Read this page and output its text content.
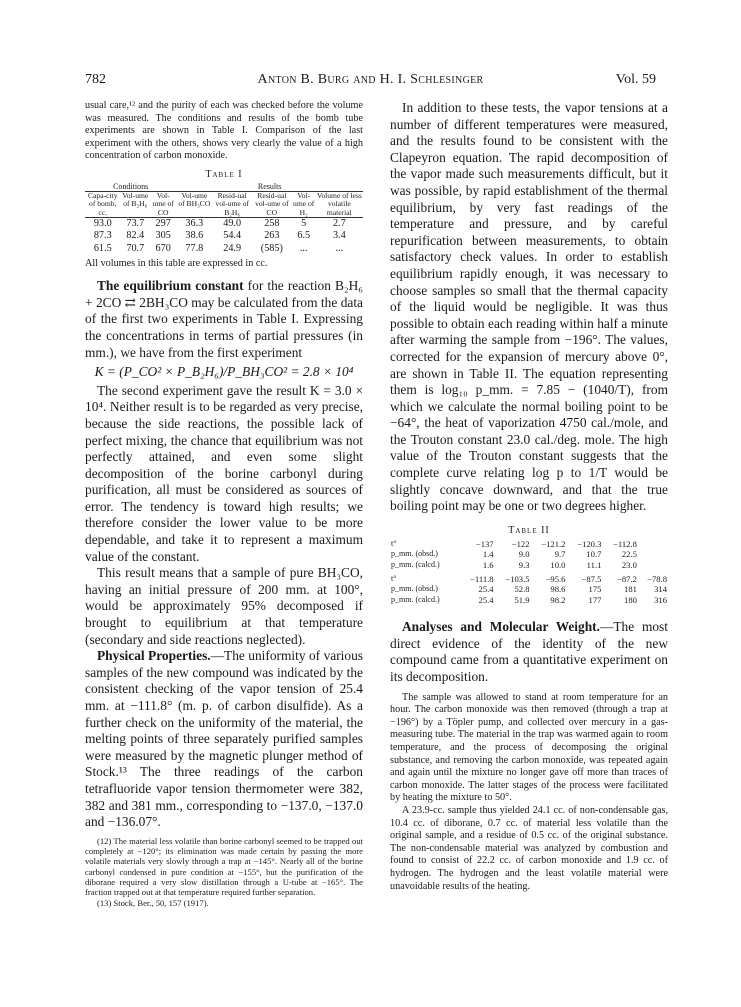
782	Anton B. Burg and H. I. Schlesinger	Vol. 59

usual care,¹² and the purity of each was checked before the volume was measured. The conditions and results of the bomb tube experiments are shown in Table I. Comparison of the last experiment with the others, shows very clearly the value of a high concentration of carbon monoxide.

Table I
Conditions			Results				
Capa-city of bomb, cc.	Vol-ume of B₂H₆	Vol-ume of CO	Vol-ume of BH₃CO	Resid-ual vol-ume of B₂H₆	Resid-ual vol-ume of CO	Vol-ume of H₂	Volume of less volatile material
93.0	73.7	297	36.3	49.0	258	5	2.7
87.3	82.4	305	38.6	54.4	263	6.5	3.4
61.5	70.7	670	77.8	24.9	(585)	...	...

All volumes in this table are expressed in cc.

The equilibrium constant for the reaction B₂H₆ + 2CO ⇄ 2BH₃CO may be calculated from the data of the first two experiments in Table I. Expressing the concentrations in terms of partial pressures (in mm.), we have from the first experiment

K = (P_CO² × P_B₂H₆)/P_BH₃CO² = 2.8 × 10⁴

The second experiment gave the result K = 3.0 × 10⁴. Neither result is to be regarded as very precise, because the side reactions, the possible lack of perfect mixing, the chance that equilibrium was not perfectly attained, and even some slight decomposition of the borine carbonyl during purification, all must be considered as sources of error. The tendency is toward high results; we therefore consider the lower value to be more dependable, and take it to represent a maximum value of the constant.

This result means that a sample of pure BH₃CO, having an initial pressure of 200 mm. at 100°, would be approximately 95% decomposed if brought to equilibrium at that temperature (secondary and side reactions neglected).

Physical Properties.—The uniformity of various samples of the new compound was indicated by the consistent checking of the vapor tension of 25.4 mm. at −111.8° (m. p. of carbon disulfide). As a further check on the uniformity of the material, the melting points of three separately purified samples were measured by the magnetic plunger method of Stock.¹³ The three readings of the carbon tetrafluoride vapor tension thermometer were 382, 382 and 381 mm., corresponding to −137.0, −137.0 and −136.07°.

(12) The material less volatile than borine carbonyl seemed to be trapped out completely at −120°; its elimination was made certain by passing the more volatile materials very slowly through a trap at −145°. Nearly all of the borine carbonyl condensed in pure condition at −155°, but the purification of the diborane required a very slow distillation through a U-tube at −165°. The fraction trapped out at that temperature required further separation.

(13) Stock, Ber., 50, 157 (1917).

In addition to these tests, the vapor tensions at a number of different temperatures were measured, and the results found to be consistent with the Clapeyron equation. The rapid decomposition of the vapor made such measurements difficult, but it was possible, by rapid establishment of the thermal equilibrium, by very fast readings of the temperature and pressure, and by careful repurification between measurements, to obtain satisfactory check values. In order to establish equilibrium rapidly enough, it was necessary to choose samples so small that the thermal capacity of the liquid would be negligible. It was thus possible to obtain each reading within half a minute after warming the sample from −196°. The values, corrected for the expansion of mercury above 0°, are shown in Table II. The equation representing them is log₁₀ p_mm. = 7.85 − (1040/T), from which we calculate the normal boiling point to be −64°, the heat of vaporization 4750 cal./mole, and the Trouton constant 23.0 cal./deg. mole. The high value of the Trouton constant suggests that the complete curve relating log p to 1/T would be slightly concave downward, and that the true boiling point may be one or two degrees higher.

Table II
t°	−137	−122	−121.2	−120.3	−112.8	
p_mm. (obsd.)	1.4	9.0	9.7	10.7	22.5	
p_mm. (calcd.)	1.6	9.3	10.0	11.1	23.0	
t°	−111.8	−103.5	−95.6	−87.5	−87.2	−78.8
p_mm. (obsd.)	25.4	52.8	98.6	175	181	314
p_mm. (calcd.)	25.4	51.9	98.2	177	180	316

Analyses and Molecular Weight.—The most direct evidence of the identity of the new compound came from a quantitative experiment on its decomposition.

The sample was allowed to stand at room temperature for an hour. The carbon monoxide was then removed (through a trap at −196°) by a Töpler pump, and collected over mercury in a gas-measuring tube. The material in the trap was warmed again to room temperature, and the process of decomposing the original substance, and removing the carbon monoxide, was repeated again and again until the mixture no longer gave off more than traces of carbon monoxide. The latter stages of the process were facilitated by heating the mixture to 50°.

A 23.9-cc. sample thus yielded 24.1 cc. of non-condensable gas, 10.4 cc. of diborane, 0.7 cc. of material less volatile than the original sample, and a residue of 0.5 cc. of the original substance. The non-condensable material was analyzed by combustion and found to consist of 22.2 cc. of carbon monoxide and 1.9 cc. of hydrogen. The hydrogen and the least volatile material were unavoidable results of the heating.
